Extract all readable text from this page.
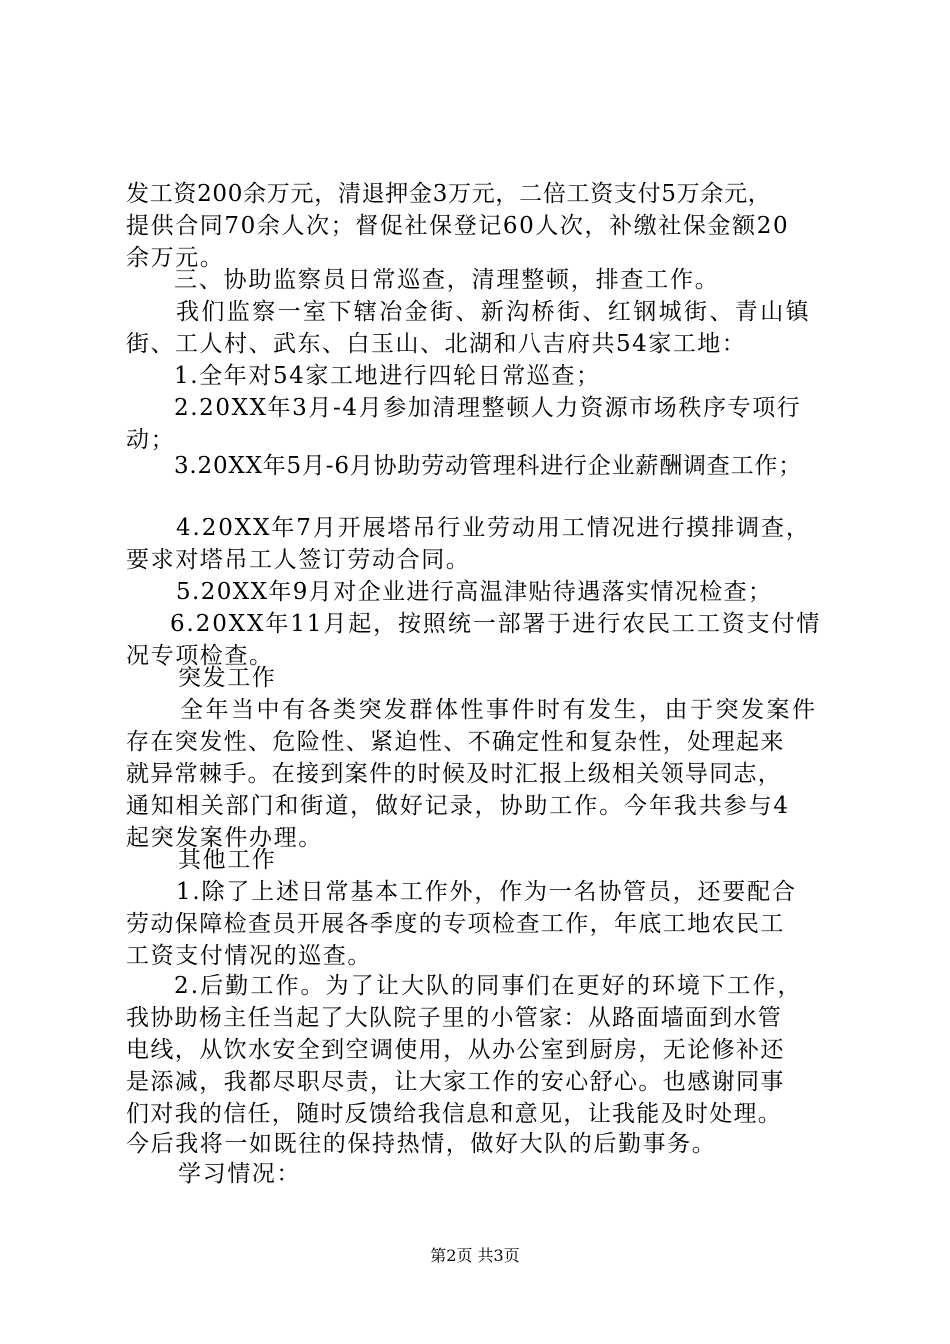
发工资200余万元，清退押金3万元，二倍工资支付5万余元，
提供合同70余人次；督促社保登记60人次，补缴社保金额20
余万元。
三、协助监察员日常巡查，清理整顿，排查工作。
我们监察一室下辖冶金街、新沟桥街、红钢城街、青山镇
街、工人村、武东、白玉山、北湖和八吉府共54家工地：
1.全年对54家工地进行四轮日常巡查；
2.20XX年3月-4月参加清理整顿人力资源市场秩序专项行
动；
3.20XX年5月-6月协助劳动管理科进行企业薪酬调查工作；
4.20XX年7月开展塔吊行业劳动用工情况进行摸排调查，
要求对塔吊工人签订劳动合同。
5.20XX年9月对企业进行高温津贴待遇落实情况检查；
6.20XX年11月起，按照统一部署于进行农民工工资支付情
况专项检查。
突发工作
全年当中有各类突发群体性事件时有发生，由于突发案件
存在突发性、危险性、紧迫性、不确定性和复杂性，处理起来
就异常棘手。在接到案件的时候及时汇报上级相关领导同志，
通知相关部门和街道，做好记录，协助工作。今年我共参与4
起突发案件办理。
其他工作
1.除了上述日常基本工作外，作为一名协管员，还要配合
劳动保障检查员开展各季度的专项检查工作，年底工地农民工
工资支付情况的巡查。
2.后勤工作。为了让大队的同事们在更好的环境下工作，
我协助杨主任当起了大队院子里的小管家：从路面墙面到水管
电线，从饮水安全到空调使用，从办公室到厨房，无论修补还
是添减，我都尽职尽责，让大家工作的安心舒心。也感谢同事
们对我的信任，随时反馈给我信息和意见，让我能及时处理。
今后我将一如既往的保持热情，做好大队的后勤事务。
学习情况：
第2页 共3页
